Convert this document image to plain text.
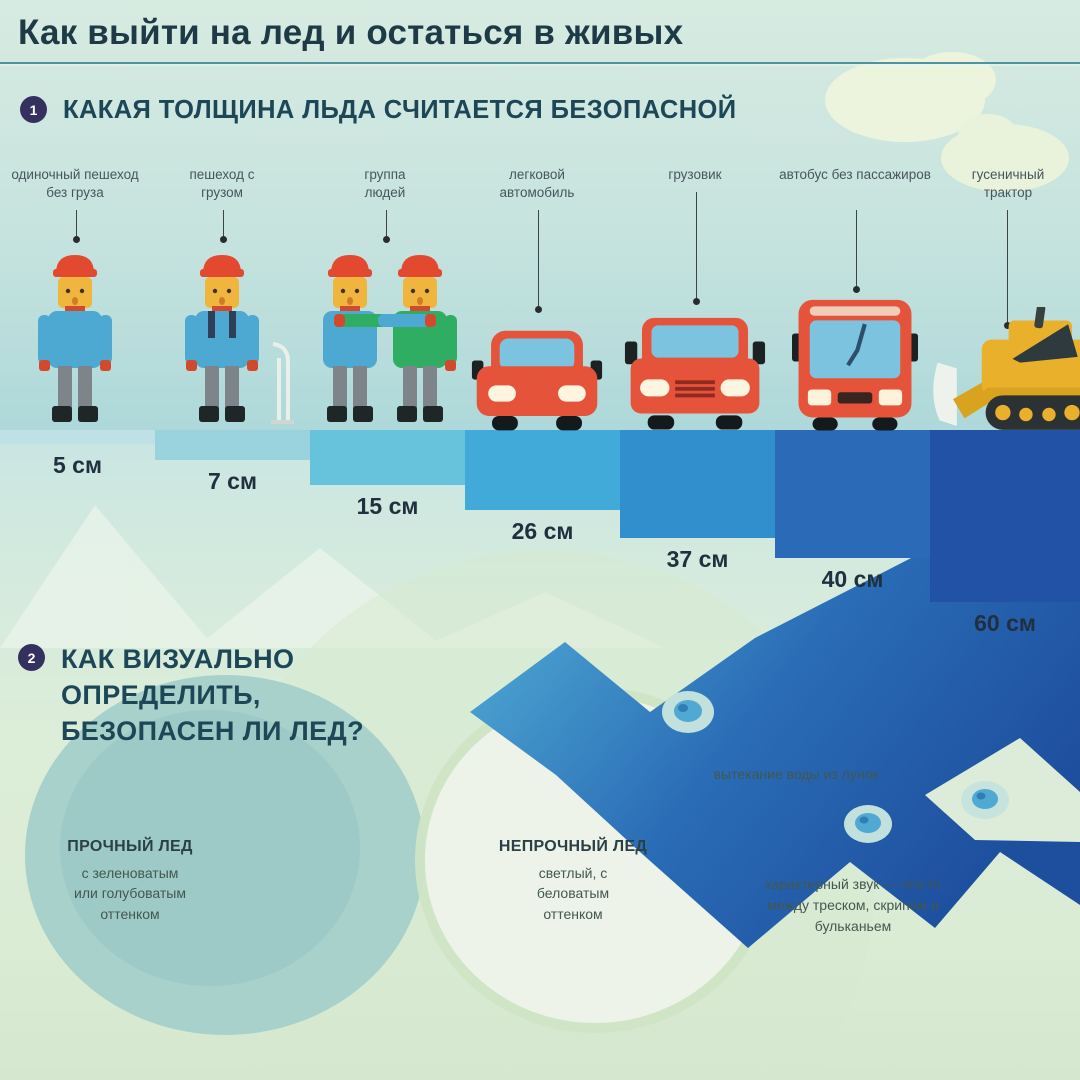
Как выйти на лед и остаться в живых
1	КАКАЯ ТОЛЩИНА ЛЬДА СЧИТАЕТСЯ БЕЗОПАСНОЙ
одиночный пешеход без груза
пешеход с грузом
группа людей
легковой автомобиль
грузовик	автобус без пассажиров	гусеничный трактор
5 см
7 см
15 см
26 см
37 см
40 см
60 см
2 КАК ВИЗУАЛЬНО ОПРЕДЕЛИТЬ, БЕЗОПАСЕН ЛИ ЛЕД?
ПРОЧНЫЙ ЛЕД
с зеленоватым или голубоватым оттенком
НЕПРОЧНЫЙ ЛЕД
светлый, с беловатым оттенком
вытекание воды из лунок
характерный звук — что-то между треском, скрипом и бульканьем
